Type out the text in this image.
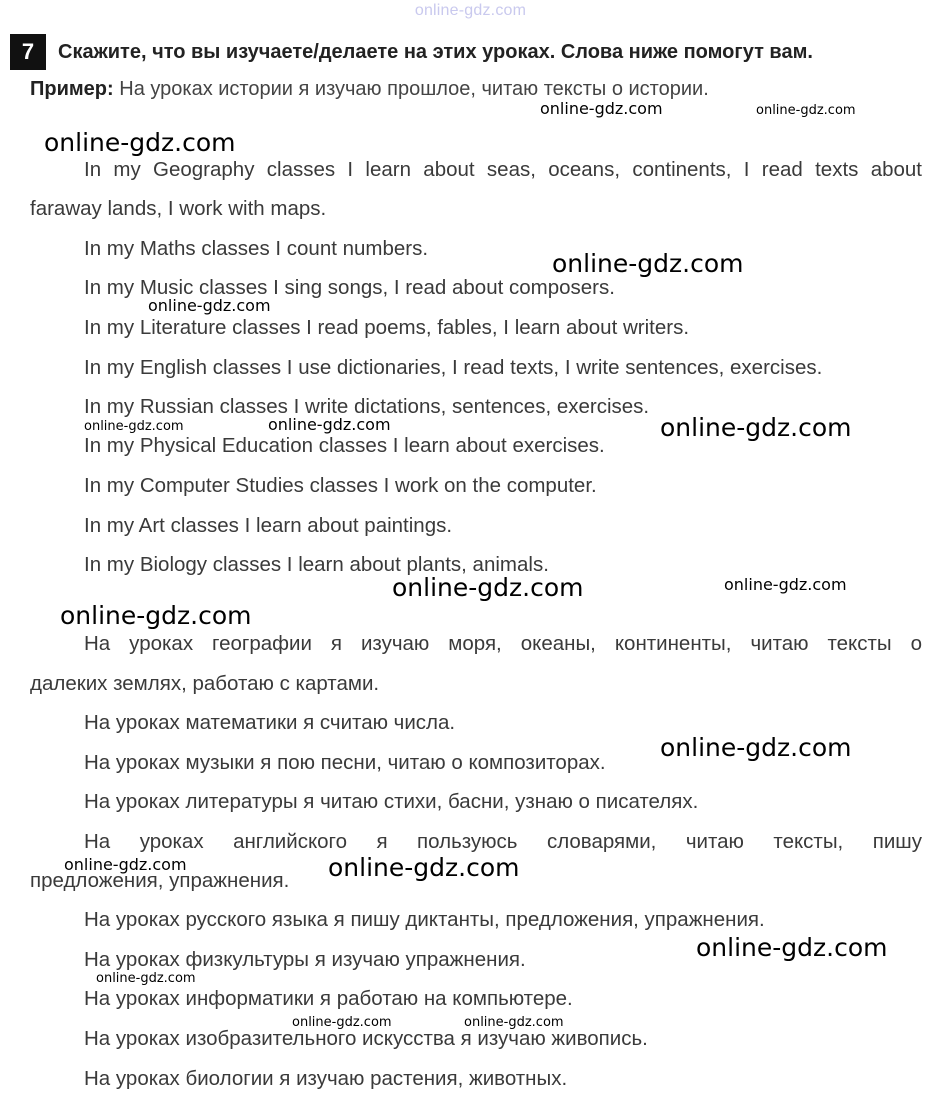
online-gdz.com
7	Скажите, что вы изучаете/делаете на этих уроках. Слова ниже помогут вам.
Пример: На уроках истории я изучаю прошлое, читаю тексты о истории.
In my Geography classes I learn about seas, oceans, continents, I read texts about
faraway lands, I work with maps.
In my Maths classes I count numbers.
In my Music classes I sing songs, I read about composers.
In my Literature classes I read poems, fables, I learn about writers.
In my English classes I use dictionaries, I read texts, I write sentences, exercises.
In my Russian classes I write dictations, sentences, exercises.
In my Physical Education classes I learn about exercises.
In my Computer Studies classes I work on the computer.
In my Art classes I learn about paintings.
In my Biology classes I learn about plants, animals.
На уроках географии я изучаю моря, океаны, континенты, читаю тексты о
далеких землях, работаю с картами.
На уроках математики я считаю числа.
На уроках музыки я пою песни, читаю о композиторах.
На уроках литературы я читаю стихи, басни, узнаю о писателях.
На уроках английского я пользуюсь словарями, читаю тексты, пишу
предложения, упражнения.
На уроках русского языка я пишу диктанты, предложения, упражнения.
На уроках физкультуры я изучаю упражнения.
На уроках информатики я работаю на компьютере.
На уроках изобразительного искусства я изучаю живопись.
На уроках биологии я изучаю растения, животных.
online-gdz.com
online-gdz.com	online-gdz.com
online-gdz.com
online-gdz.com
online-gdz.com	online-gdz.com	online-gdz.com
online-gdz.com	online-gdz.com
online-gdz.com
online-gdz.com
online-gdz.com	online-gdz.com
online-gdz.com
online-gdz.com
online-gdz.com	online-gdz.com
